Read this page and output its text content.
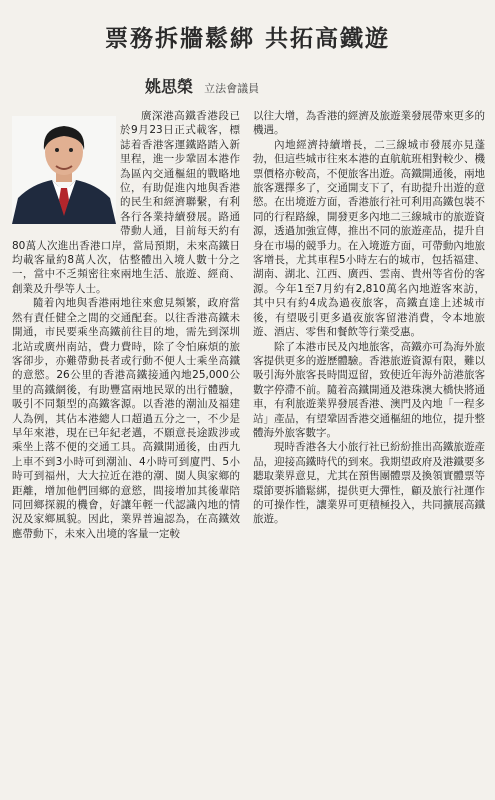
票務拆牆鬆綁 共拓高鐵遊
姚思榮 立法會議員

廣深港高鐵香港段已於9月23日正式載客，標誌着香港客運鐵路踏入新里程，進一步鞏固本港作為區內交通樞紐的戰略地位，有助促進內地與香港的民生和經濟聯繫，有利各行各業持續發展。路通帶動人通，目前每天約有80萬人次進出香港口岸，當局預期，未來高鐵日均載客量約8萬人次，估整體出入境人數十分之一，當中不乏頻密往來兩地生活、旅遊、經商、創業及升學等人士。

隨着內地與香港兩地往來愈見頻繁，政府當然有責任健全之間的交通配套。以往香港高鐵未開通，市民要乘坐高鐵前往目的地，需先到深圳北站或廣州南站，費力費時，除了令怕麻煩的旅客卻步，亦難帶動長者或行動不便人士乘坐高鐵的意慾。26公里的香港高鐵接通內地25,000公里的高鐵網後，有助豐富兩地民眾的出行體驗，吸引不同類型的高鐵客源。以香港的潮汕及福建人為例，其佔本港總人口超過五分之一，不少是早年來港，現在已年紀老邁，不願意長途跋涉或乘坐上落不便的交通工具。高鐵開通後，由西九上車不到3小時可到潮汕、4小時可到廈門、5小時可到福州，大大拉近在港的潮、閩人與家鄉的距離，增加他們回鄉的意慾，間接增加其後輩陪同回鄉探親的機會，好讓年輕一代認識內地的情況及家鄉風貌。因此，業界普遍認為，在高鐵效應帶動下，未來入出境的客量一定較

以往大增，為香港的經濟及旅遊業發展帶來更多的機遇。

內地經濟持續增長，二三線城市發展亦見蓬勃，但這些城市往來本港的直航航班相對較少、機票價格亦較高，不便旅客出遊。高鐵開通後，兩地旅客選擇多了，交通開支下了，有助提升出遊的意慾。在出境遊方面，香港旅行社可利用高鐵包裝不同的行程路線，開發更多內地二三線城市的旅遊資源，透過加強宣傳，推出不同的旅遊產品，提升自身在市場的競爭力。在入境遊方面，可帶動內地旅客增長，尤其車程5小時左右的城市，包括福建、湖南、湖北、江西、廣西、雲南、貴州等省份的客源。今年1至7月約有2,810萬名內地遊客來訪，其中只有約4成為過夜旅客，高鐵直達上述城市後，有望吸引更多過夜旅客留港消費，令本地旅遊、酒店、零售和餐飲等行業受惠。

除了本港市民及內地旅客，高鐵亦可為海外旅客提供更多的遊歷體驗。香港旅遊資源有限，難以吸引海外旅客長時間逗留，致使近年海外訪港旅客數字停滯不前。隨着高鐵開通及港珠澳大橋快將通車，有利旅遊業界發展香港、澳門及內地「一程多站」產品，有望鞏固香港交通樞紐的地位，提升整體海外旅客數字。

現時香港各大小旅行社已紛紛推出高鐵旅遊產品，迎接高鐵時代的到來。我期望政府及港鐵要多聽取業界意見，尤其在預售團體票及換領實體票等環節要拆牆鬆綁，提供更大彈性，顧及旅行社運作的可操作性，讓業界可更積極投入，共同擴展高鐵旅遊。
